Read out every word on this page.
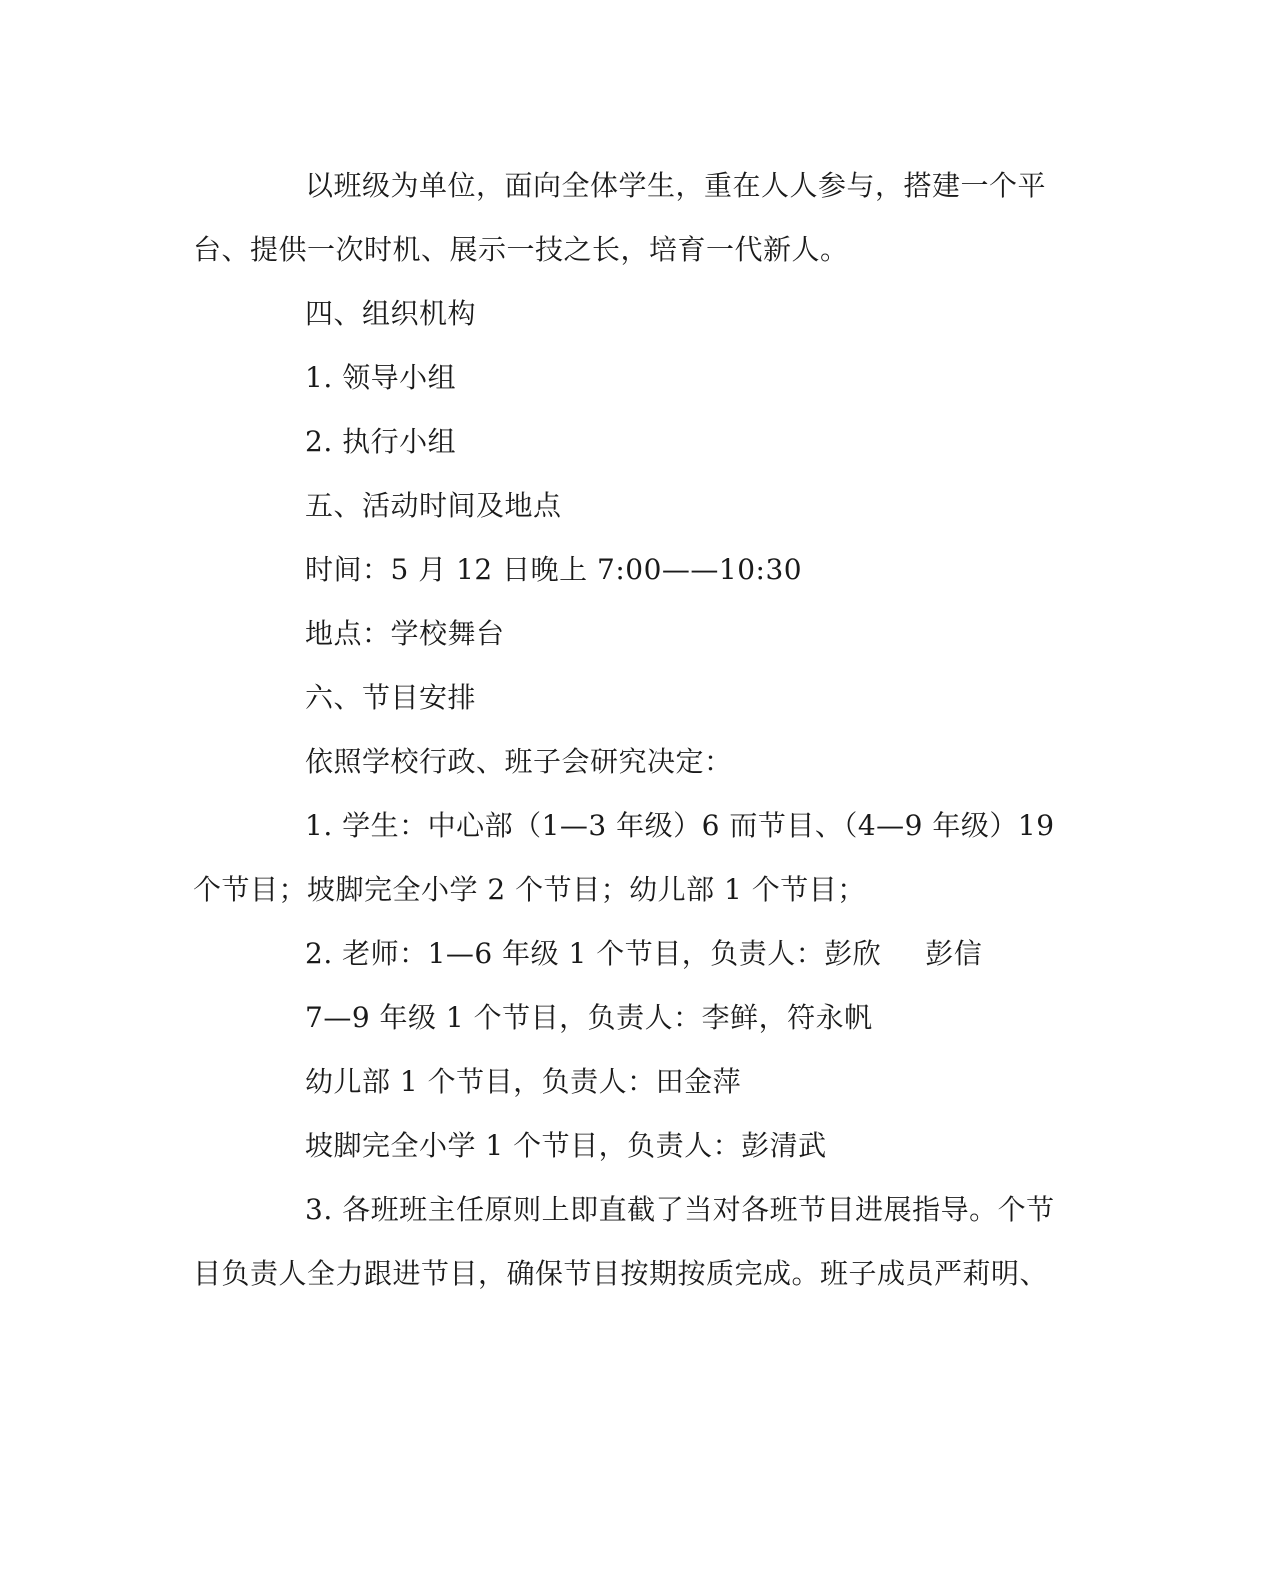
以班级为单位，面向全体学生，重在人人参与，搭建一个平
台、提供一次时机、展示一技之长，培育一代新人。
四、组织机构
1. 领导小组
2. 执行小组
五、活动时间及地点
时间：5 月 12 日晚上 7:00——10:30
地点：学校舞台
六、节目安排
依照学校行政、班子会研究决定：
1. 学生：中心部（1—3 年级）6 而节目、（4—9 年级）19
个节目；坡脚完全小学 2 个节目；幼儿部 1 个节目；
2. 老师：1—6 年级 1 个节目，负责人：彭欣 彭信
7—9 年级 1 个节目，负责人：李鲜，符永帆
幼儿部 1 个节目，负责人：田金萍
坡脚完全小学 1 个节目，负责人：彭清武
3. 各班班主任原则上即直截了当对各班节目进展指导。个节
目负责人全力跟进节目，确保节目按期按质完成。班子成员严莉明、
